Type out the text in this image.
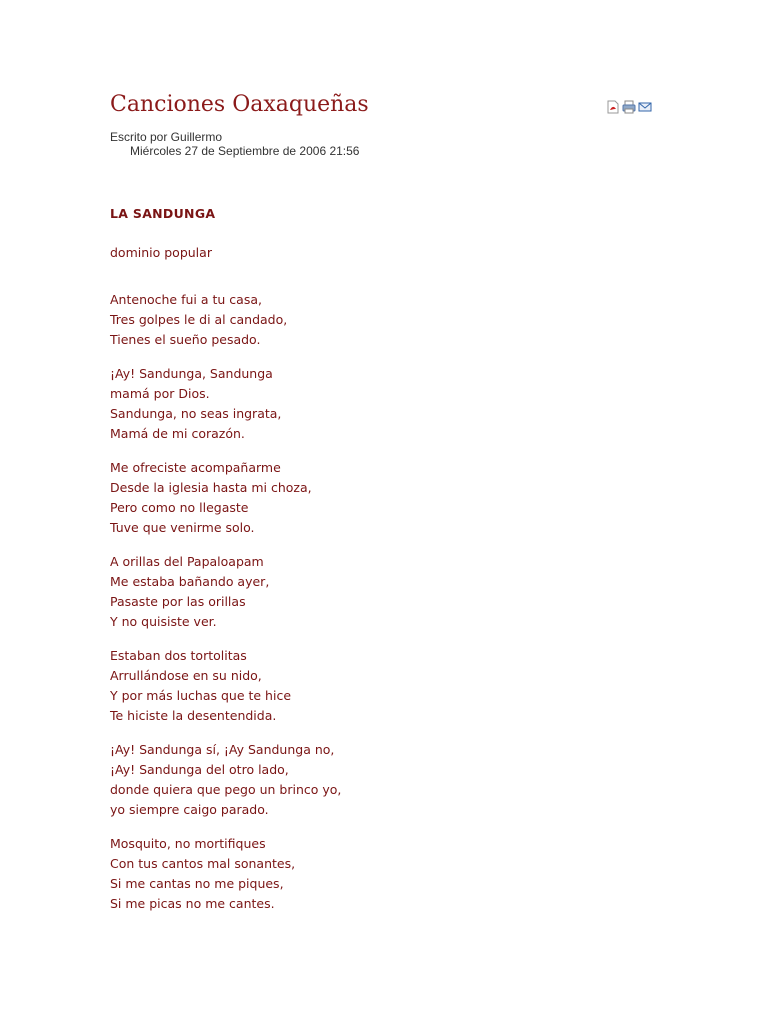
Canciones Oaxaqueñas
Escrito por Guillermo
Miércoles 27 de Septiembre de 2006 21:56

LA SANDUNGA

dominio popular

Antenoche fui a tu casa,
Tres golpes le di al candado,
Tienes el sueño pesado.

¡Ay! Sandunga, Sandunga
mamá por Dios.
Sandunga, no seas ingrata,
Mamá de mi corazón.

Me ofreciste acompañarme
Desde la iglesia hasta mi choza,
Pero como no llegaste
Tuve que venirme solo.

A orillas del Papaloapam
Me estaba bañando ayer,
Pasaste por las orillas
Y no quisiste ver.

Estaban dos tortolitas
Arrullándose en su nido,
Y por más luchas que te hice
Te hiciste la desentendida.

¡Ay! Sandunga sí, ¡Ay Sandunga no,
¡Ay! Sandunga del otro lado,
donde quiera que pego un brinco yo,
yo siempre caigo parado.

Mosquito, no mortifiques
Con tus cantos mal sonantes,
Si me cantas no me piques,
Si me picas no me cantes.
